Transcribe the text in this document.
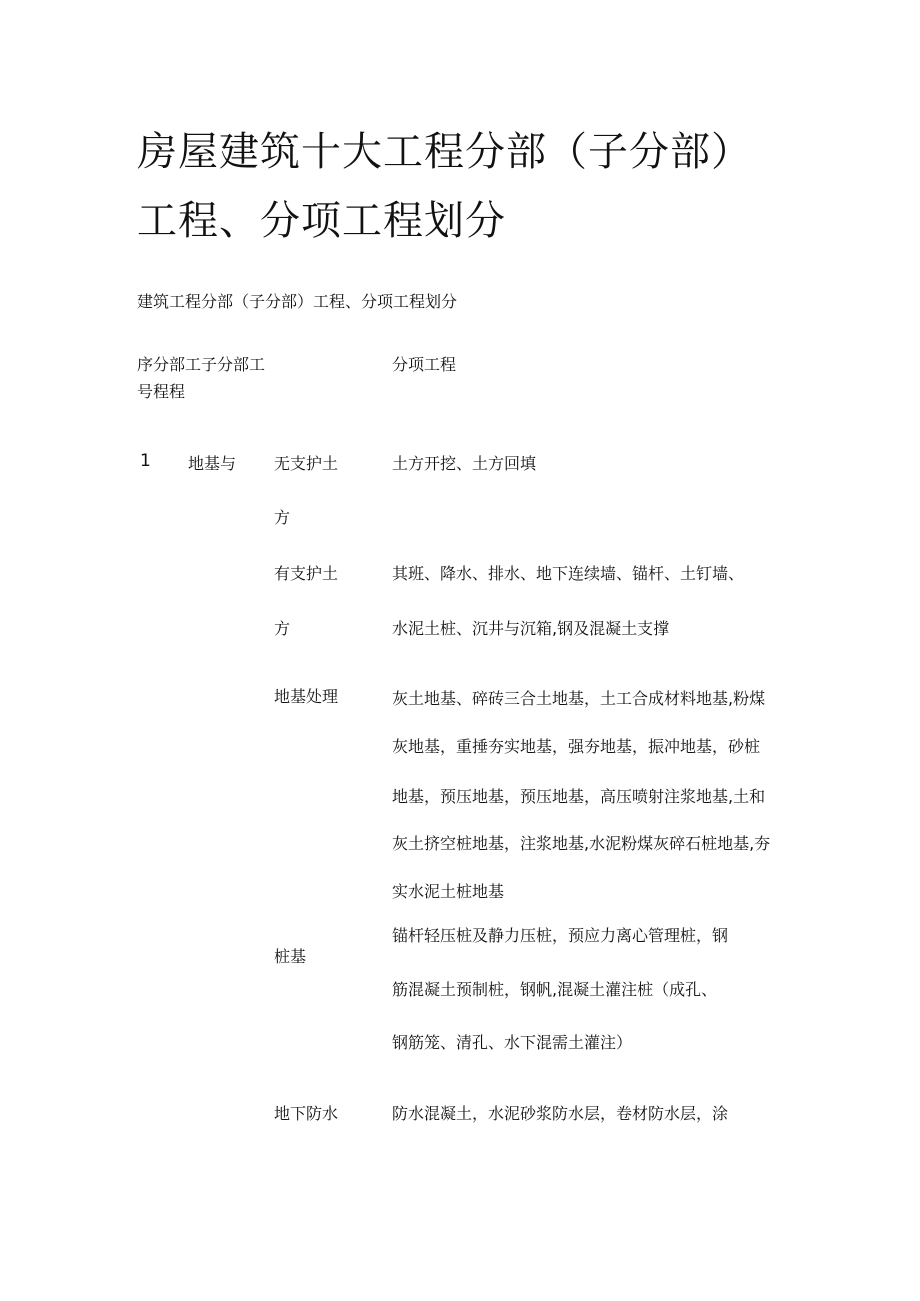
房屋建筑十大工程分部（子分部）
工程、分项工程划分
建筑工程分部（子分部）工程、分项工程划分
序分部工子分部工
号程程
分项工程
1 地基与 无支护土
方
土方开挖、土方回填
有支护土
方
其班、降水、排水、地下连续墙、锚杆、土钉墙、
水泥土桩、沉井与沉箱,钢及混凝土支撑
地基处理	灰土地基、碎砖三合土地基，土工合成材料地基,粉煤
灰地基，重捶夯实地基，强夯地基，振冲地基，砂桩
地基，预压地基，预压地基，高压喷射注浆地基,土和
灰土挤空桩地基，注浆地基,水泥粉煤灰碎石桩地基,夯
实水泥土桩地基
桩基
锚杆轻压桩及静力压桩，预应力离心管理桩，钢
筋混凝土预制桩，钢帆,混凝土灌注桩（成孔、
钢筋笼、清孔、水下混需土灌注）
地下防水	防水混凝土，水泥砂浆防水层，卷材防水层，涂
